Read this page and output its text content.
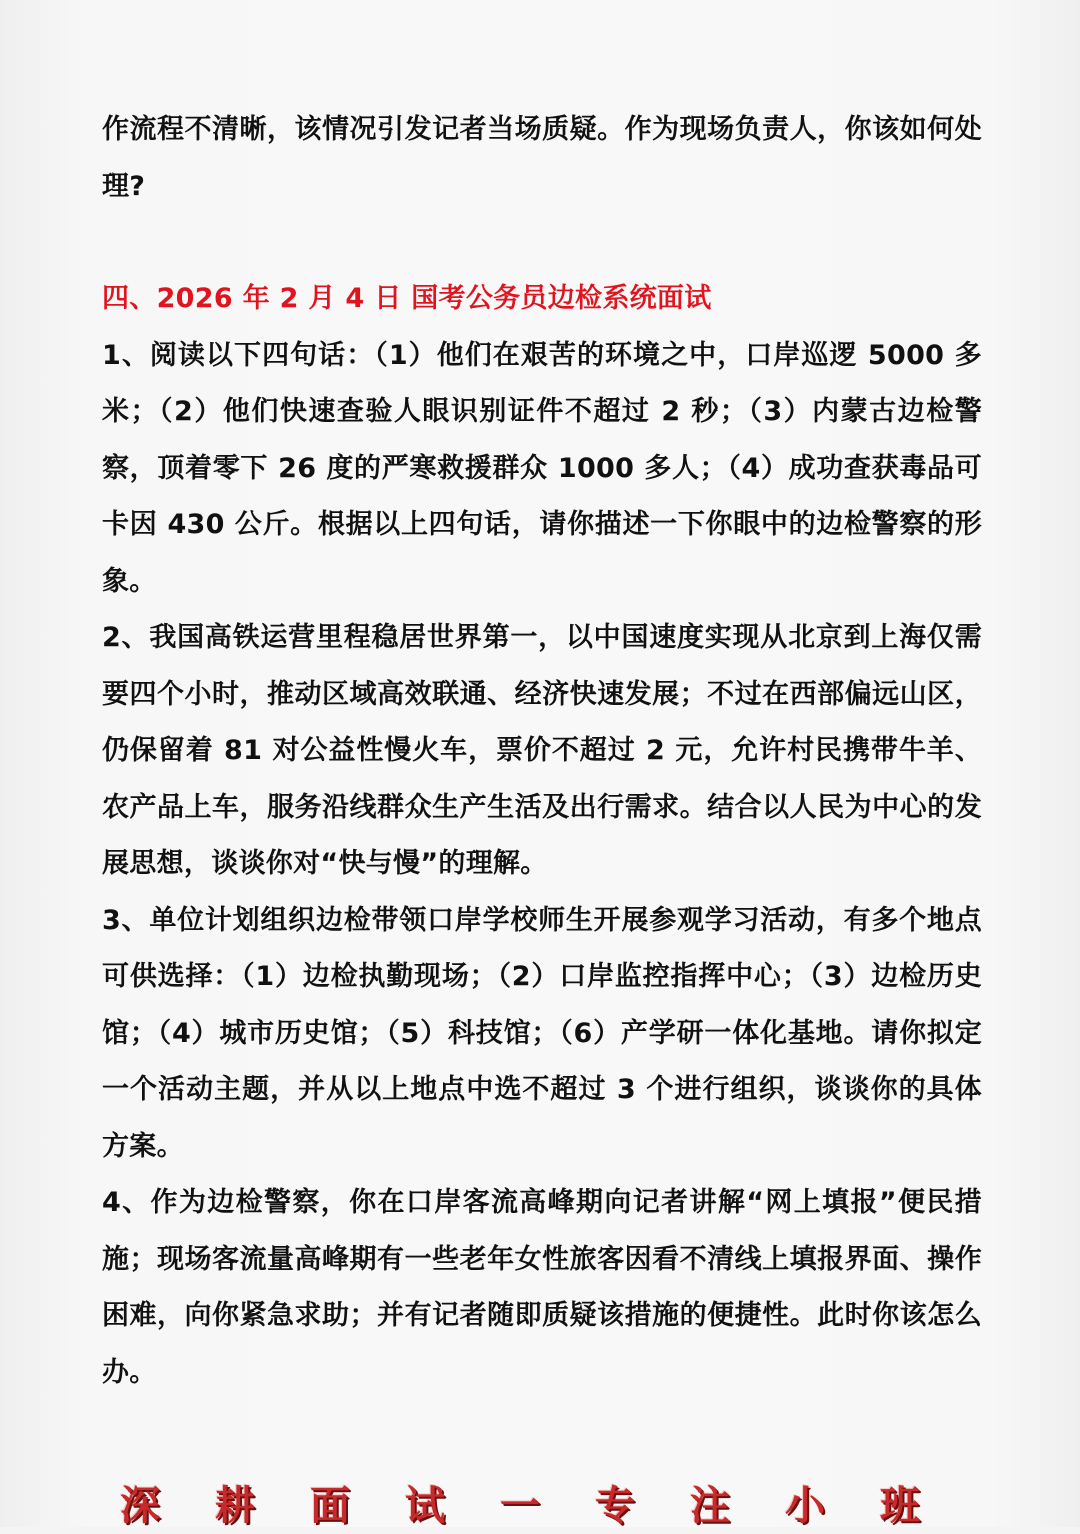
作流程不清晰，该情况引发记者当场质疑。作为现场负责人，你该如何处理?

四、2026 年 2 月 4 日 国考公务员边检系统面试

1、阅读以下四句话：（1）他们在艰苦的环境之中，口岸巡逻 5000 多米；（2）他们快速查验人眼识别证件不超过 2 秒；（3）内蒙古边检警察，顶着零下 26 度的严寒救援群众 1000 多人；（4）成功查获毒品可卡因 430 公斤。根据以上四句话，请你描述一下你眼中的边检警察的形象。

2、我国高铁运营里程稳居世界第一，以中国速度实现从北京到上海仅需要四个小时，推动区域高效联通、经济快速发展；不过在西部偏远山区，仍保留着 81 对公益性慢火车，票价不超过 2 元，允许村民携带牛羊、农产品上车，服务沿线群众生产生活及出行需求。结合以人民为中心的发展思想，谈谈你对“快与慢”的理解。

3、单位计划组织边检带领口岸学校师生开展参观学习活动，有多个地点可供选择：（1）边检执勤现场；（2）口岸监控指挥中心；（3）边检历史馆；（4）城市历史馆；（5）科技馆；（6）产学研一体化基地。请你拟定一个活动主题，并从以上地点中选不超过 3 个进行组织，谈谈你的具体方案。

4、作为边检警察，你在口岸客流高峰期向记者讲解“网上填报”便民措施；现场客流量高峰期有一些老年女性旅客因看不清线上填报界面、操作困难，向你紧急求助；并有记者随即质疑该措施的便捷性。此时你该怎么办。

深 耕 面 试 一 专 注 小 班
